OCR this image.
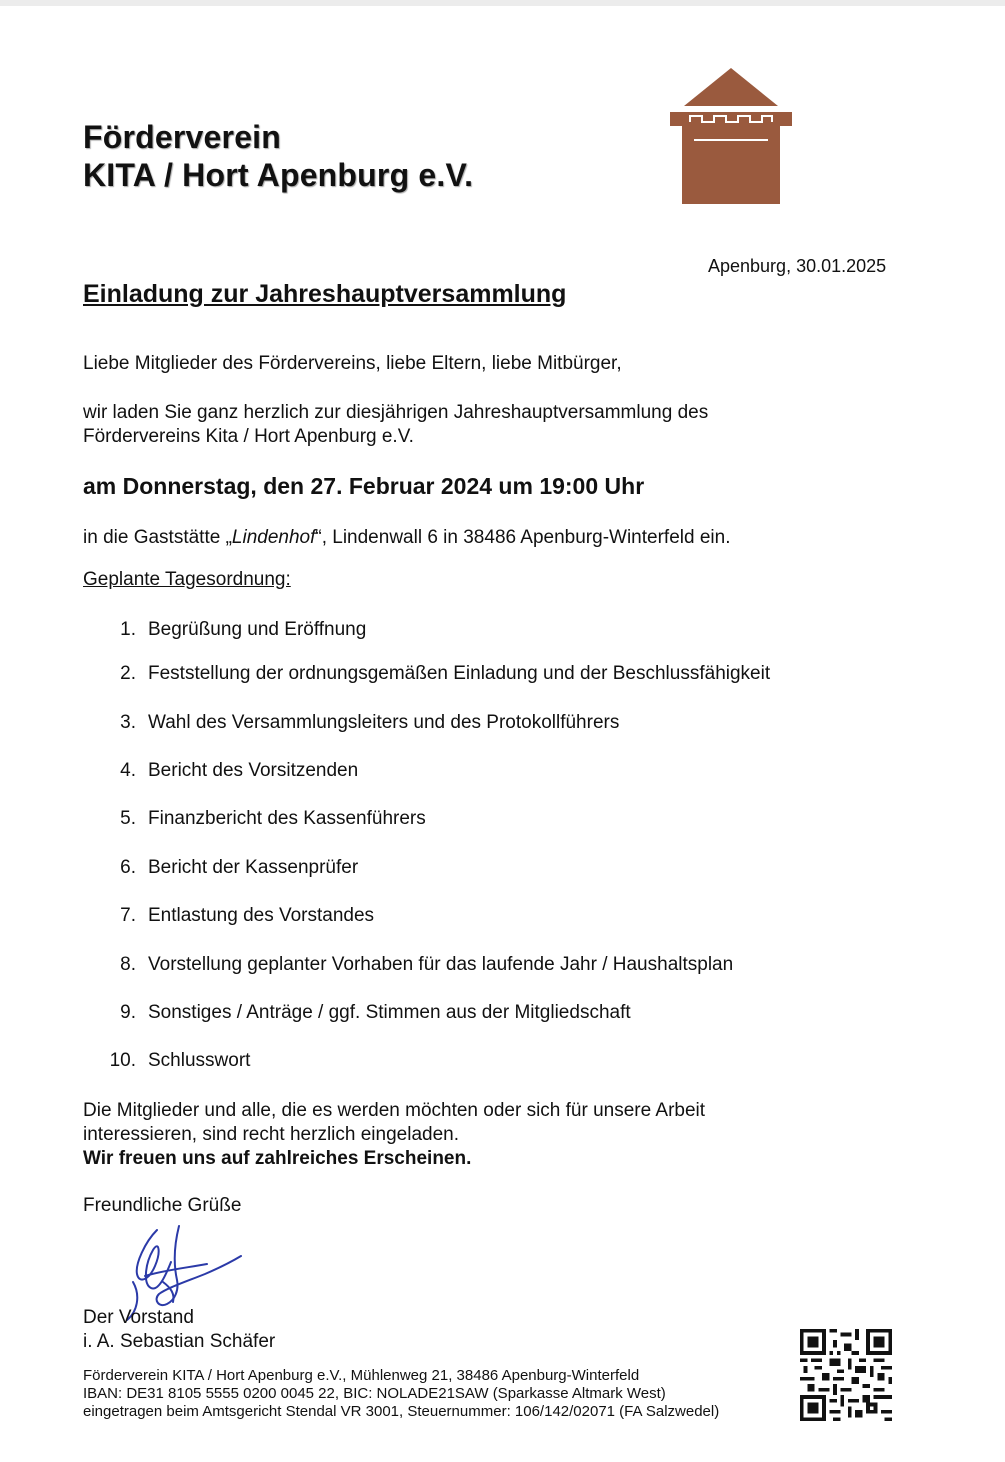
Förderverein
KITA / Hort Apenburg e.V.
Apenburg, 30.01.2025
Einladung zur Jahreshauptversammlung
Liebe Mitglieder des Fördervereins, liebe Eltern, liebe Mitbürger,
wir laden Sie ganz herzlich zur diesjährigen Jahreshauptversammlung des
Fördervereins Kita / Hort Apenburg e.V.
am Donnerstag, den 27. Februar 2024 um 19:00 Uhr
in die Gaststätte „Lindenhof“, Lindenwall 6 in 38486 Apenburg-Winterfeld ein.
Geplante Tagesordnung:
1. Begrüßung und Eröffnung
2. Feststellung der ordnungsgemäßen Einladung und der Beschlussfähigkeit
3. Wahl des Versammlungsleiters und des Protokollführers
4. Bericht des Vorsitzenden
5. Finanzbericht des Kassenführers
6. Bericht der Kassenprüfer
7. Entlastung des Vorstandes
8. Vorstellung geplanter Vorhaben für das laufende Jahr / Haushaltsplan
9. Sonstiges / Anträge / ggf. Stimmen aus der Mitgliedschaft
10. Schlusswort
Die Mitglieder und alle, die es werden möchten oder sich für unsere Arbeit
interessieren, sind recht herzlich eingeladen.
Wir freuen uns auf zahlreiches Erscheinen.
Freundliche Grüße
Der Vorstand
i. A. Sebastian Schäfer
Förderverein KITA / Hort Apenburg e.V., Mühlenweg 21, 38486 Apenburg-Winterfeld
IBAN: DE31 8105 5555 0200 0045 22, BIC: NOLADE21SAW (Sparkasse Altmark West)
eingetragen beim Amtsgericht Stendal VR 3001, Steuernummer: 106/142/02071 (FA Salzwedel)
